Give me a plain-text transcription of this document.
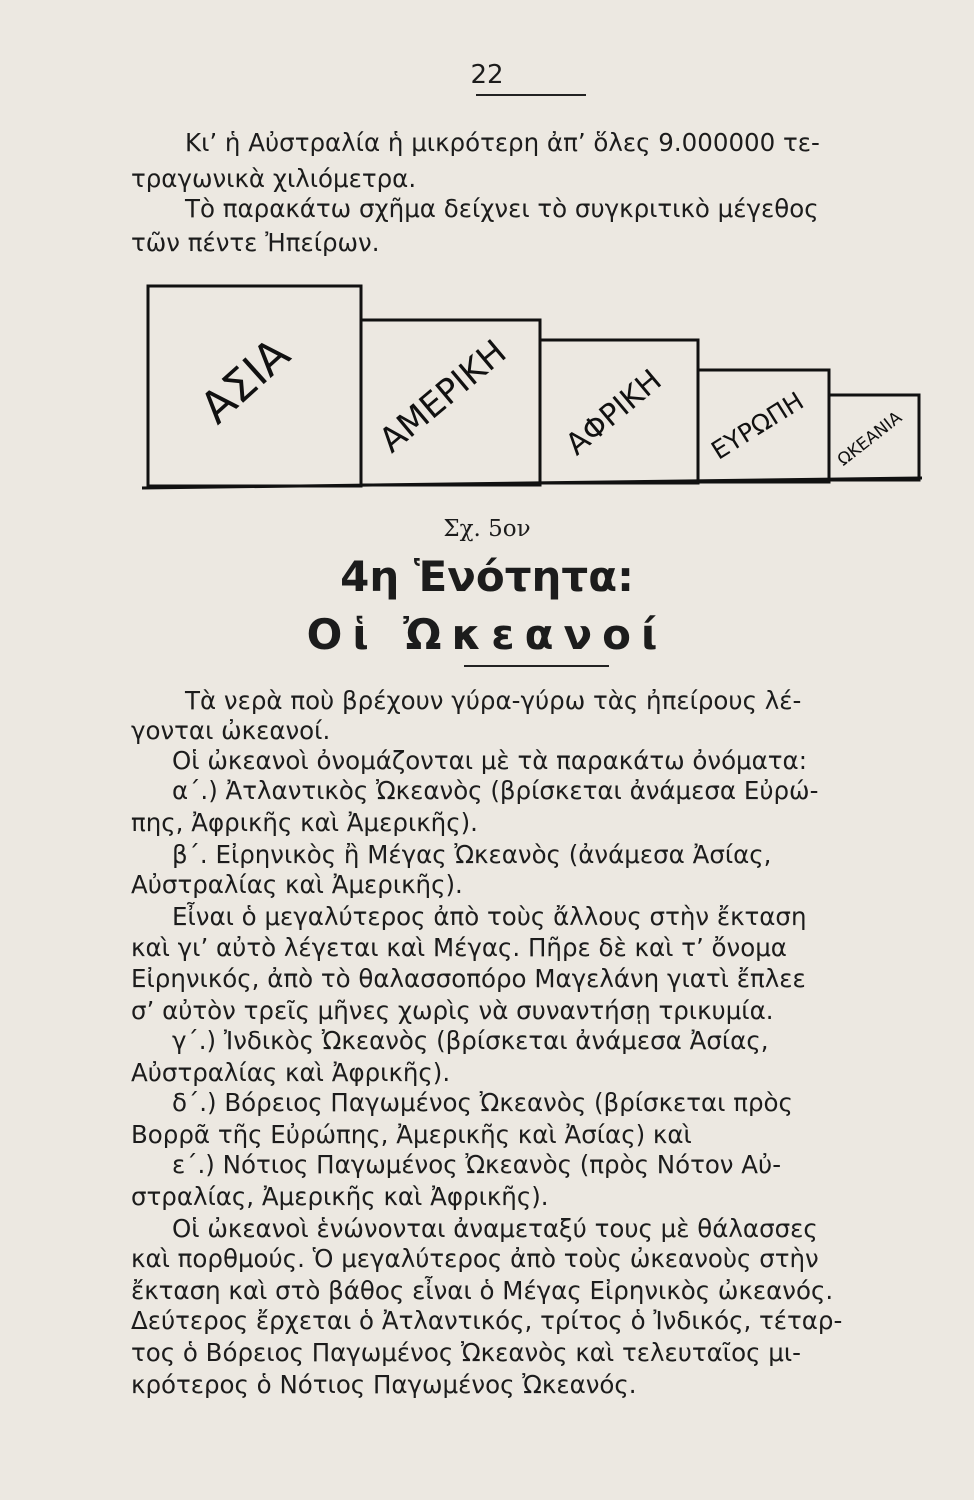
22
Κι’ ἡ Αὐστραλία ἡ μικρότερη ἀπ’ ὅλες 9.000000 τε-
τραγωνικὰ χιλιόμετρα.
Τὸ παρακάτω σχῆμα δείχνει τὸ συγκριτικὸ μέγεθος
τῶν πέντε Ἠπείρων.
ΑΣΙΑ ΑΜΕΡΙΚΗ ΑΦΡΙΚΗ ΕΥΡΩΠΗ ΩΚΕΑΝΙΑ
Σχ. 5ον
4η Ἑνότητα:
Οἱ Ὠκεανοί
Τὰ νερὰ ποὺ βρέχουν γύρα-γύρω τὰς ἠπείρους λέ-
γονται ὠκεανοί.
Οἱ ὠκεανοὶ ὀνομάζονται μὲ τὰ παρακάτω ὀνόματα:
α΄.) Ἀτλαντικὸς Ὠκεανὸς (βρίσκεται ἀνάμεσα Εὐρώ-
πης, Ἀφρικῆς καὶ Ἀμερικῆς).
β΄. Εἰρηνικὸς ἢ Μέγας Ὠκεανὸς (ἀνάμεσα Ἀσίας,
Αὐστραλίας καὶ Ἀμερικῆς).
Εἶναι ὁ μεγαλύτερος ἀπὸ τοὺς ἄλλους στὴν ἔκταση
καὶ γι’ αὐτὸ λέγεται καὶ Μέγας. Πῆρε δὲ καὶ τ’ ὄνομα
Εἰρηνικός, ἀπὸ τὸ θαλασσοπόρο Μαγελάνη γιατὶ ἔπλεε
σ’ αὐτὸν τρεῖς μῆνες χωρὶς νὰ συναντήσῃ τρικυμία.
γ΄.) Ἰνδικὸς Ὠκεανὸς (βρίσκεται ἀνάμεσα Ἀσίας,
Αὐστραλίας καὶ Ἀφρικῆς).
δ΄.) Βόρειος Παγωμένος Ὠκεανὸς (βρίσκεται πρὸς
Βορρᾶ τῆς Εὐρώπης, Ἀμερικῆς καὶ Ἀσίας) καὶ
ε΄.) Νότιος Παγωμένος Ὠκεανὸς (πρὸς Νότον Αὐ-
στραλίας, Ἀμερικῆς καὶ Ἀφρικῆς).
Οἱ ὠκεανοὶ ἑνώνονται ἀναμεταξύ τους μὲ θάλασσες
καὶ πορθμούς. Ὁ μεγαλύτερος ἀπὸ τοὺς ὠκεανοὺς στὴν
ἔκταση καὶ στὸ βάθος εἶναι ὁ Μέγας Εἰρηνικὸς ὠκεανός.
Δεύτερος ἔρχεται ὁ Ἀτλαντικός, τρίτος ὁ Ἰνδικός, τέταρ-
τος ὁ Βόρειος Παγωμένος Ὠκεανὸς καὶ τελευταῖος μι-
κρότερος ὁ Νότιος Παγωμένος Ὠκεανός.
